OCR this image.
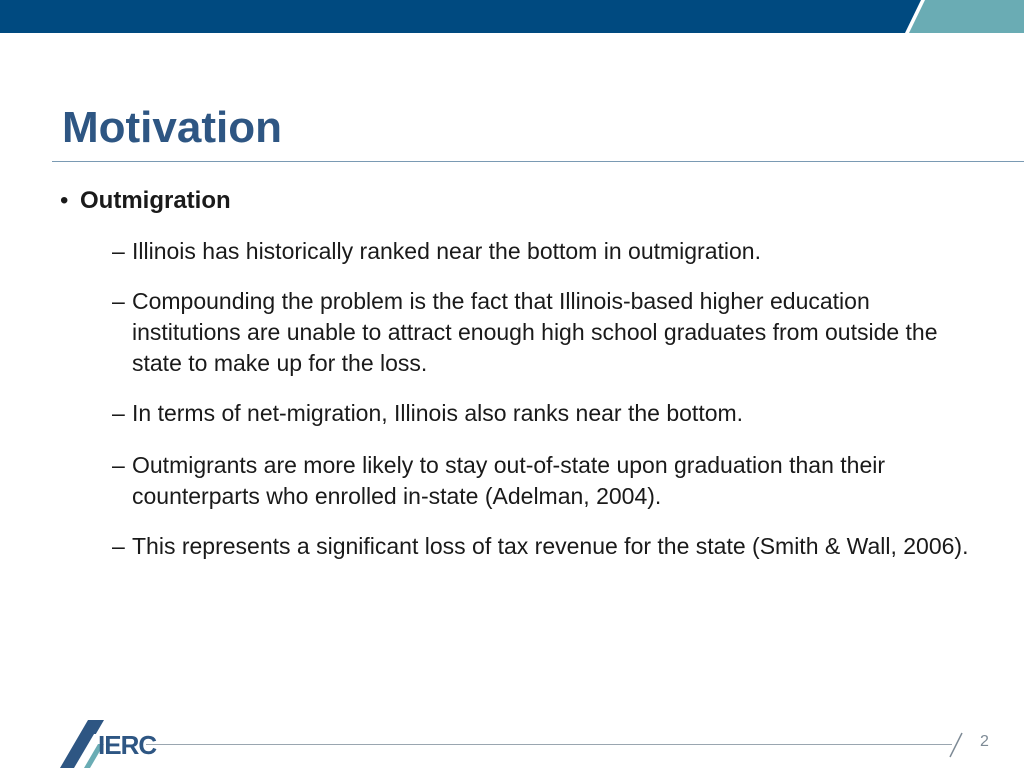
Motivation
• Outmigration
– Illinois has historically ranked near the bottom in outmigration.
– Compounding the problem is the fact that Illinois-based higher education institutions are unable to attract enough high school graduates from outside the state to make up for the loss.
– In terms of net-migration, Illinois also ranks near the bottom.
– Outmigrants are more likely to stay out-of-state upon graduation than their counterparts who enrolled in-state (Adelman, 2004).
– This represents a significant loss of tax revenue for the state (Smith & Wall, 2006).
IERC	2
